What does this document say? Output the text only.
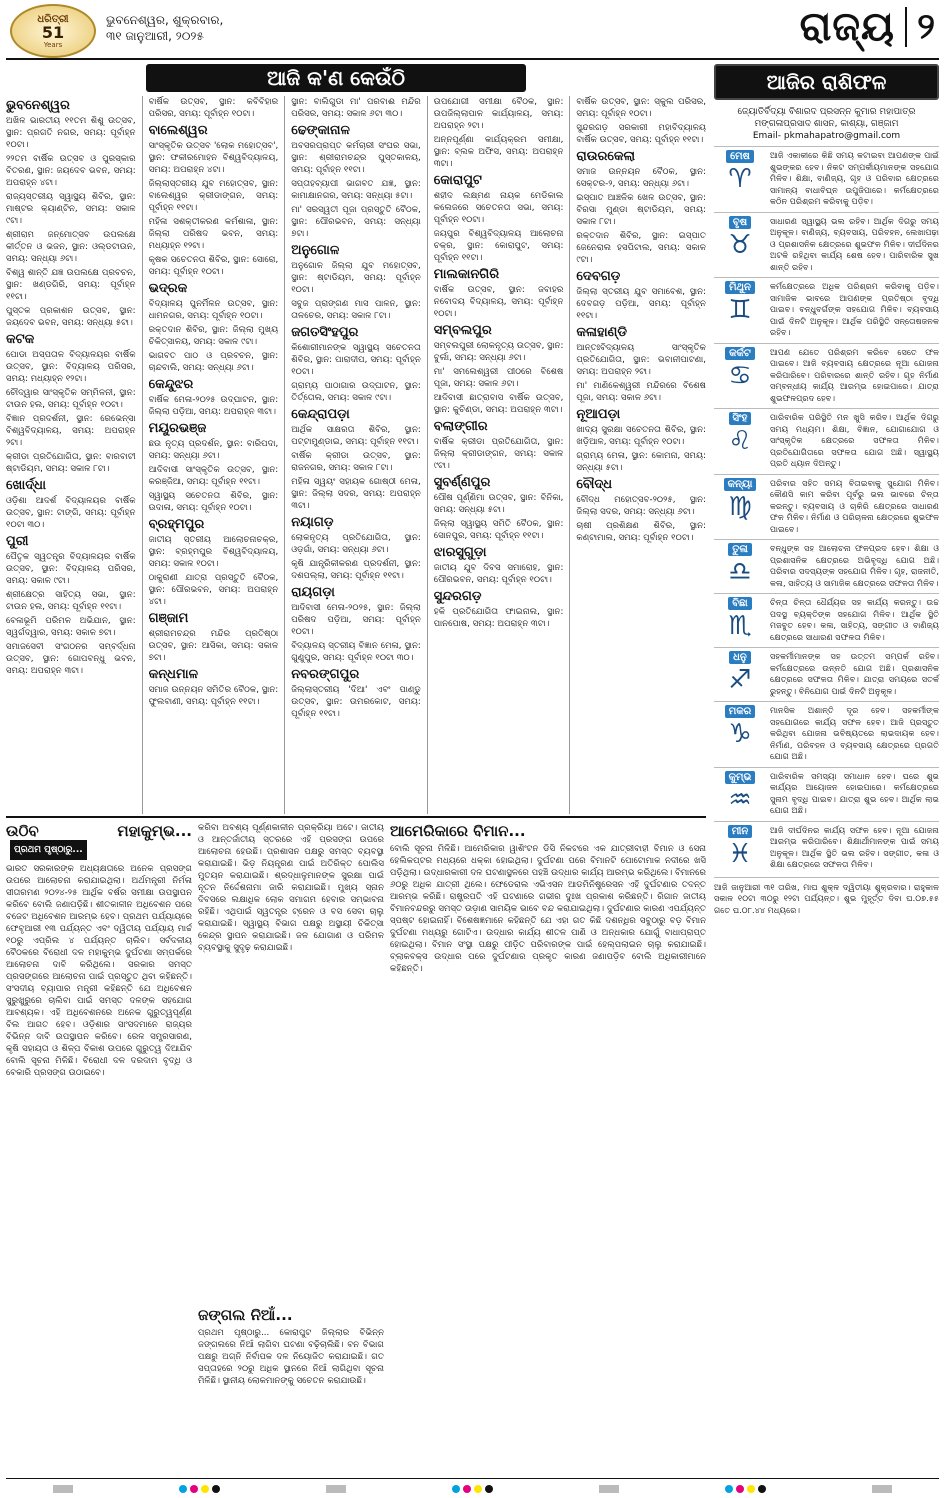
ଧରିତ୍ରୀ
51
Years
ଭୁବନେଶ୍ୱର, ଶୁକ୍ରବାର,
୩୧ ଜାନୁଆରୀ, ୨୦୨୫	ରାଜ୍ୟ ୨
ଆଜି କ'ଣ କେଉଁଠି
ଭୁବନେଶ୍ୱର

ଅଖିଳ ଭାରତୀୟ ୧୧ତମ ଶିଶୁ ଉତ୍ସବ, ସ୍ଥାନ: ପ୍ରଗତି ନଗର, ସମୟ: ପୂର୍ବାହ୍ନ ୧୦ଟା।

୨୨ତମ ବାର୍ଷିକ ଉତ୍ସବ ଓ ପୁରସ୍କାର ବିତରଣ, ସ୍ଥାନ: ଜୟଦେବ ଭବନ, ସମୟ: ଅପରାହ୍ନ ୪ଟା।

ରାଜ୍ୟସ୍ତରୀୟ ସ୍ୱାସ୍ଥ୍ୟ ଶିବିର, ସ୍ଥାନ: ମାଷ୍ଟର କ୍ୟାଣ୍ଟିନ, ସମୟ: ସକାଳ ୯ଟା।

ଶ୍ରୀରାମ ଜନ୍ମୋତ୍ସବ ଉପଲକ୍ଷେ କୀର୍ତ୍ତନ ଓ ଭଜନ, ସ୍ଥାନ: ଓଲ୍ଡଟାଉନ, ସମୟ: ସନ୍ଧ୍ୟା ୬ଟା।

ବିଶ୍ୱ ଶାନ୍ତି ଯଜ୍ଞ ଉପଲକ୍ଷେ ପ୍ରବଚନ, ସ୍ଥାନ: ଖଣ୍ଡଗିରି, ସମୟ: ପୂର୍ବାହ୍ନ ୧୧ଟା।

ପୁସ୍ତକ ପ୍ରକାଶନ ଉତ୍ସବ, ସ୍ଥାନ: ଜୟଦେବ ଭବନ, ସମୟ: ସନ୍ଧ୍ୟା ୫ଟା।

କଟକ

ପୋଡା ଅସ୍ପତାଳ ବିଦ୍ୟାଳୟର ବାର୍ଷିକ ଉତ୍ସବ, ସ୍ଥାନ: ବିଦ୍ୟାଳୟ ପରିସର, ସମୟ: ମଧ୍ୟାହ୍ନ ୧୨ଟା।

ଚୌଦ୍ୱାର ସାଂସ୍କୃତିକ ସମ୍ମିଳନୀ, ସ୍ଥାନ: ଟାଉନ ହଲ, ସମୟ: ପୂର୍ବାହ୍ନ ୧୦ଟା।

ବିଜ୍ଞାନ ପ୍ରଦର୍ଶନୀ, ସ୍ଥାନ: ରେଭେନ୍ସା ବିଶ୍ୱବିଦ୍ୟାଳୟ, ସମୟ: ଅପରାହ୍ନ ୨ଟା।

କ୍ରୀଡା ପ୍ରତିଯୋଗିତା, ସ୍ଥାନ: ବାରବାଟୀ ଷ୍ଟାଡିୟମ, ସମୟ: ସକାଳ ୮ଟା।

ଖୋର୍ଦ୍ଧା

ଓଡ଼ିଶା ଆଦର୍ଶ ବିଦ୍ୟାଳୟର ବାର୍ଷିକ ଉତ୍ସବ, ସ୍ଥାନ: ଟାଙ୍ଗି, ସମୟ: ପୂର୍ବାହ୍ନ ୧୦ଟା ୩୦।

ପୁରୀ

ପୈତୃକ ସ୍ୱତନ୍ତ୍ର ବିଦ୍ୟାଳୟର ବାର୍ଷିକ ଉତ୍ସବ, ସ୍ଥାନ: ବିଦ୍ୟାଳୟ ପରିସର, ସମୟ: ସକାଳ ୯ଟା।

ଶ୍ରୀକ୍ଷେତ୍ର ସାହିତ୍ୟ ସଭା, ସ୍ଥାନ: ଟାଉନ ହଲ, ସମୟ: ପୂର୍ବାହ୍ନ ୧୧ଟା।

ବେଳାଭୂମି ପରିମଳ ଅଭିଯାନ, ସ୍ଥାନ: ସ୍ୱର୍ଗଦ୍ୱାର, ସମୟ: ସକାଳ ୭ଟା।

ସମାଜସେବୀ ସଂଗଠନର ସମ୍ବର୍ଦ୍ଧନା ଉତ୍ସବ, ସ୍ଥାନ: ଗୋପବନ୍ଧୁ ଭବନ, ସମୟ: ଅପରାହ୍ନ ୩ଟା।

ବାର୍ଷିକ ଉତ୍ସବ, ସ୍ଥାନ: କବିବିହାର ପରିସର, ସମୟ: ପୂର୍ବାହ୍ନ ୧୦ଟା।

ବାଲେଶ୍ୱର

ସାଂସ୍କୃତିକ ଉତ୍ସବ 'ଲୋକ ମହୋତ୍ସବ', ସ୍ଥାନ: ଫକୀରମୋହନ ବିଶ୍ୱବିଦ୍ୟାଳୟ, ସମୟ: ଅପରାହ୍ନ ୪ଟା।

ଜିଲ୍ଲାସ୍ତରୀୟ ଯୁବ ମହୋତ୍ସବ, ସ୍ଥାନ: ବାଲେଶ୍ୱର କ୍ରୀଡାଙ୍ଗନ, ସମୟ: ପୂର୍ବାହ୍ନ ୧୧ଟା।

ମହିଳା ସଶକ୍ତୀକରଣ କର୍ମଶାଳା, ସ୍ଥାନ: ଜିଲ୍ଲା ପରିଷଦ ଭବନ, ସମୟ: ମଧ୍ୟାହ୍ନ ୧୨ଟା।

କୃଷକ ସଚେତନତା ଶିବିର, ସ୍ଥାନ: ସୋରୋ, ସମୟ: ପୂର୍ବାହ୍ନ ୧୦ଟା।

ଭଦ୍ରକ

ବିଦ୍ୟାଳୟ ପୁନର୍ମିଳନ ଉତ୍ସବ, ସ୍ଥାନ: ଧାମନଗର, ସମୟ: ପୂର୍ବାହ୍ନ ୧୦ଟା।

ରକ୍ତଦାନ ଶିବିର, ସ୍ଥାନ: ଜିଲ୍ଲା ମୁଖ୍ୟ ଚିକିତ୍ସାଳୟ, ସମୟ: ସକାଳ ୯ଟା।

ଭାଗବତ ପାଠ ଓ ପ୍ରବଚନ, ସ୍ଥାନ: ଚାନ୍ଦବାଲି, ସମୟ: ସନ୍ଧ୍ୟା ୬ଟା।

କେନ୍ଦୁଝର

ବାର୍ଷିକ ମେଳା-୨୦୨୫ ଉଦ୍‌ଘାଟନ, ସ୍ଥାନ: ଜିଲ୍ଲା ପଡ଼ିଆ, ସମୟ: ଅପରାହ୍ନ ୩ଟା।

ମୟୂରଭଞ୍ଜ

ଛଉ ନୃତ୍ୟ ପ୍ରଦର୍ଶନ, ସ୍ଥାନ: ବାରିପଦା, ସମୟ: ସନ୍ଧ୍ୟା ୬ଟା।

ଆଦିବାସୀ ସାଂସ୍କୃତିକ ଉତ୍ସବ, ସ୍ଥାନ: କରଞ୍ଜିଆ, ସମୟ: ପୂର୍ବାହ୍ନ ୧୧ଟା।

ସ୍ୱାସ୍ଥ୍ୟ ସଚେତନତା ଶିବିର, ସ୍ଥାନ: ଉଦାଳା, ସମୟ: ପୂର୍ବାହ୍ନ ୧୦ଟା।

ବ୍ରହ୍ମପୁର

ଜାତୀୟ ସ୍ତରୀୟ ଆଲୋଚନାଚକ୍ର, ସ୍ଥାନ: ବ୍ରହ୍ମପୁର ବିଶ୍ୱବିଦ୍ୟାଳୟ, ସମୟ: ସକାଳ ୧୦ଟା।

ଠାକୁରାଣୀ ଯାତ୍ରା ପ୍ରସ୍ତୁତି ବୈଠକ, ସ୍ଥାନ: ପୌରଭବନ, ସମୟ: ଅପରାହ୍ନ ୪ଟା।

ଗଞ୍ଜାମ

ଶ୍ରୀରାମଚନ୍ଦ୍ର ମନ୍ଦିର ପ୍ରତିଷ୍ଠା ଉତ୍ସବ, ସ୍ଥାନ: ଆସିକା, ସମୟ: ସକାଳ ୭ଟା।

କନ୍ଧମାଳ

ସମାଜ ଉନ୍ନୟନ ସମିତିର ବୈଠକ, ସ୍ଥାନ: ଫୁଲବାଣୀ, ସମୟ: ପୂର୍ବାହ୍ନ ୧୧ଟା।

ସ୍ଥାନ: ବାଲିଗୁଡା ମା' ପରବାଈ ମନ୍ଦିର ପରିସର, ସମୟ: ସକାଳ ୬ଟା ୩୦।

ଢେଙ୍କାନାଳ

ଅବସରପ୍ରାପ୍ତ କର୍ମଚାରୀ ସଂଘର ସଭା, ସ୍ଥାନ: ଶ୍ରୀରାମଚନ୍ଦ୍ର ପୁସ୍ତକାଳୟ, ସମୟ: ପୂର୍ବାହ୍ନ ୧୧ଟା।

ସପ୍ତାହବ୍ୟାପୀ ଭାଗବତ ଯଜ୍ଞ, ସ୍ଥାନ: କାମାକ୍ଷାନଗର, ସମୟ: ସନ୍ଧ୍ୟା ୫ଟା।

ମା' ସରସ୍ୱତୀ ପୂଜା ପ୍ରସ୍ତୁତି ବୈଠକ, ସ୍ଥାନ: ପୌରଭବନ, ସମୟ: ସନ୍ଧ୍ୟା ୭ଟା।

ଅନୁଗୋଳ

ଅନୁଗୋଳ ଜିଲ୍ଲା ଯୁବ ମହୋତ୍ସବ, ସ୍ଥାନ: ଷ୍ଟାଡିୟମ, ସମୟ: ପୂର୍ବାହ୍ନ ୧୦ଟା।

ସବୁଜ ପ୍ରାଙ୍ଗଣ ମାସ ପାଳନ, ସ୍ଥାନ: ତାଳଚେର, ସମୟ: ସକାଳ ୮ଟା।

ଜଗତସିଂହପୁର

କିଶୋରୀମାନଙ୍କ ସ୍ୱାସ୍ଥ୍ୟ ସଚେତନତା ଶିବିର, ସ୍ଥାନ: ପାରାଦୀପ, ସମୟ: ପୂର୍ବାହ୍ନ ୧୦ଟା।

ଗ୍ରାମ୍ୟ ପାଠାଗାର ଉଦ୍‌ଘାଟନ, ସ୍ଥାନ: ତିର୍ତ୍ତୋଲ, ସମୟ: ସକାଳ ୯ଟା।

କେନ୍ଦ୍ରାପଡ଼ା

ଆର୍ଥିକ ସାକ୍ଷରତା ଶିବିର, ସ୍ଥାନ: ପଟ୍ଟାମୁଣ୍ଡାଇ, ସମୟ: ପୂର୍ବାହ୍ନ ୧୧ଟା।

ବାର୍ଷିକ କ୍ରୀଡା ଉତ୍ସବ, ସ୍ଥାନ: ରାଜନଗର, ସମୟ: ସକାଳ ୮ଟା।

ମହିଳା ସ୍ୱୟଂ ସହାୟକ ଗୋଷ୍ଠୀ ମେଳା, ସ୍ଥାନ: ଜିଲ୍ଲା ସଦର, ସମୟ: ଅପରାହ୍ନ ୩ଟା।

ନୟାଗଡ଼

ଲୋକନୃତ୍ୟ ପ୍ରତିଯୋଗିତା, ସ୍ଥାନ: ଓଡ଼ଗାଁ, ସମୟ: ସନ୍ଧ୍ୟା ୬ଟା।

କୃଷି ଯାନ୍ତ୍ରିକୀକରଣ ପ୍ରଦର୍ଶନୀ, ସ୍ଥାନ: ଦଶପଲ୍ଲା, ସମୟ: ପୂର୍ବାହ୍ନ ୧୧ଟା।

ରାୟଗଡ଼ା

ଆଦିବାସୀ ମେଳା-୨୦୨୫, ସ୍ଥାନ: ଜିଲ୍ଲା ପରିଷଦ ପଡ଼ିଆ, ସମୟ: ପୂର୍ବାହ୍ନ ୧୦ଟା।

ବିଦ୍ୟାଳୟ ସ୍ତରୀୟ ବିଜ୍ଞାନ ମେଳା, ସ୍ଥାନ: ଗୁଣୁପୁର, ସମୟ: ପୂର୍ବାହ୍ନ ୧୦ଟା ୩୦।

ନବରଙ୍ଗପୁର

ଜିଲ୍ଲାସ୍ତରୀୟ 'ଦିଆ' ଏବଂ ପାଣ୍ଡୁ ଉତ୍ସବ, ସ୍ଥାନ: ଉମରକୋଟ, ସମୟ: ପୂର୍ବାହ୍ନ ୧୧ଟା।

ଉପଯୋଗୀ ସମୀକ୍ଷା ବୈଠକ, ସ୍ଥାନ: ଉପଜିଲ୍ଲାପାଳ କାର୍ଯ୍ୟାଳୟ, ସମୟ: ଅପରାହ୍ନ ୨ଟା।

ଅନ୍ନପୂର୍ଣ୍ଣା କାର୍ଯ୍ୟକ୍ରମ ସମୀକ୍ଷା, ସ୍ଥାନ: ବ୍ଲକ ଅଫିସ, ସମୟ: ଅପରାହ୍ନ ୩ଟା।

କୋରାପୁଟ

ଶହୀଦ ଲକ୍ଷ୍ମଣ ନାୟକ ମେଡିକାଲ କଲେଜରେ ସଚେତନତା ସଭା, ସମୟ: ପୂର୍ବାହ୍ନ ୧୦ଟା।

ଜୟପୁର ବିଶ୍ୱବିଦ୍ୟାଳୟ ଆଲୋଚନା ଚକ୍ର, ସ୍ଥାନ: କୋରାପୁଟ, ସମୟ: ପୂର୍ବାହ୍ନ ୧୧ଟା।

ମାଲକାନଗିରି

ବାର୍ଷିକ ଉତ୍ସବ, ସ୍ଥାନ: ଜବାହର ନବୋଦୟ ବିଦ୍ୟାଳୟ, ସମୟ: ପୂର୍ବାହ୍ନ ୧୦ଟା।

ସମ୍ବଲପୁର

ସମ୍ବଲପୁରୀ ଲୋକନୃତ୍ୟ ଉତ୍ସବ, ସ୍ଥାନ: ବୁର୍ଲା, ସମୟ: ସନ୍ଧ୍ୟା ୬ଟା।

ମା' ସମଲେଶ୍ୱରୀ ପୀଠରେ ବିଶେଷ ପୂଜା, ସମୟ: ସକାଳ ୬ଟା।

ଆଦିବାସୀ ଛାତ୍ରାବାସ ବାର୍ଷିକ ଉତ୍ସବ, ସ୍ଥାନ: କୁଚିଣ୍ଡା, ସମୟ: ଅପରାହ୍ନ ୩ଟା।

ବଲାଙ୍ଗୀର

ବାର୍ଷିକ କ୍ରୀଡା ପ୍ରତିଯୋଗିତା, ସ୍ଥାନ: ଜିଲ୍ଲା କ୍ରୀଡାଙ୍ଗନ, ସମୟ: ସକାଳ ୯ଟା।

ସୁବର୍ଣ୍ଣପୁର

ପୌଷ ପୂର୍ଣ୍ଣିମା ଉତ୍ସବ, ସ୍ଥାନ: ବିନିକା, ସମୟ: ସନ୍ଧ୍ୟା ୫ଟା।

ଜିଲ୍ଲା ସ୍ୱାସ୍ଥ୍ୟ ସମିତି ବୈଠକ, ସ୍ଥାନ: ସୋନପୁର, ସମୟ: ପୂର୍ବାହ୍ନ ୧୧ଟା।

ଝାରସୁଗୁଡ଼ା

ଜାତୀୟ ଯୁବ ଦିବସ ସମାରୋହ, ସ୍ଥାନ: ପୌରଭବନ, ସମୟ: ପୂର୍ବାହ୍ନ ୧୦ଟା।

ସୁନ୍ଦରଗଡ଼

ହକି ପ୍ରତିଯୋଗିତା ଫାଇନାଲ, ସ୍ଥାନ: ପାନପୋଷ, ସମୟ: ଅପରାହ୍ନ ୩ଟା।

ବାର୍ଷିକ ଉତ୍ସବ, ସ୍ଥାନ: ସ୍କୁଲ ପରିସର, ସମୟ: ପୂର୍ବାହ୍ନ ୧୦ଟା।

ସୁନ୍ଦରଗଡ଼ ସରକାରୀ ମହାବିଦ୍ୟାଳୟ ବାର୍ଷିକ ଉତ୍ସବ, ସମୟ: ପୂର୍ବାହ୍ନ ୧୧ଟା।

ରାଉରକେଲା

ସମାଜ ଉନ୍ନୟନ ବୈଠକ, ସ୍ଥାନ: ସେକ୍ଟର-୨, ସମୟ: ସନ୍ଧ୍ୟା ୬ଟା।

ଇସ୍ପାତ ଆଞ୍ଚଳିକ ଖେଳ ଉତ୍ସବ, ସ୍ଥାନ: ବିରସା ମୁଣ୍ଡା ଷ୍ଟାଡିୟମ, ସମୟ: ସକାଳ ୮ଟା।

ରକ୍ତଦାନ ଶିବିର, ସ୍ଥାନ: ଇସ୍ପାତ ଜେନେରାଲ ହସପିଟାଲ, ସମୟ: ସକାଳ ୯ଟା।

ଦେବଗଡ଼

ଜିଲ୍ଲା ସ୍ତରୀୟ ଯୁବ ସମାବେଶ, ସ୍ଥାନ: ଦେବଗଡ଼ ପଡ଼ିଆ, ସମୟ: ପୂର୍ବାହ୍ନ ୧୧ଟା।

କଳାହାଣ୍ଡି

ଆନ୍ତଃବିଦ୍ୟାଳୟ ସାଂସ୍କୃତିକ ପ୍ରତିଯୋଗିତା, ସ୍ଥାନ: ଭବାନୀପାଟଣା, ସମୟ: ଅପରାହ୍ନ ୨ଟା।

ମା' ମାଣିକେଶ୍ୱରୀ ମନ୍ଦିରରେ ବିଶେଷ ପୂଜା, ସମୟ: ସକାଳ ୬ଟା।

ନୂଆପଡ଼ା

ଖାଦ୍ୟ ସୁରକ୍ଷା ସଚେତନତା ଶିବିର, ସ୍ଥାନ: ଖଡ଼ିଆଳ, ସମୟ: ପୂର୍ବାହ୍ନ ୧୦ଟା।

ଗ୍ରାମ୍ୟ ମେଳା, ସ୍ଥାନ: କୋମନା, ସମୟ: ସନ୍ଧ୍ୟା ୫ଟା।

ବୌଦ୍ଧ

ବୌଦ୍ଧ ମହୋତ୍ସବ-୨୦୨୫, ସ୍ଥାନ: ଜିଲ୍ଲା ସଦର, ସମୟ: ସନ୍ଧ୍ୟା ୬ଟା।

ଚାଷୀ ପ୍ରଶିକ୍ଷଣ ଶିବିର, ସ୍ଥାନ: କଣ୍ଟାମାଲ, ସମୟ: ପୂର୍ବାହ୍ନ ୧୦ଟା।

ଉଠିବ ମହାକୁମ୍ଭ...ପ୍ରଥମ ପୃଷ୍ଠାରୁ...
ଭାରତ ସରକାରଙ୍କ ଅଧ୍ୟକ୍ଷତାରେ ଅନେକ ପ୍ରସଙ୍ଗ ଉପରେ ଆଲୋଚନା କରାଯାଇଥିଲା। ଅର୍ଥମନ୍ତ୍ରୀ ନିର୍ମଳା ସୀତାରମଣ ୨୦୨୪-୨୫ ଆର୍ଥିକ ବର୍ଷର ସମୀକ୍ଷା ଉପସ୍ଥାପନ କରିବେ ବୋଲି ଜଣାପଡ଼ିଛି। ଶୀତକାଳୀନ ଅଧିବେଶନ ପରେ ବଜେଟ ଅଧିବେଶନ ଆରମ୍ଭ ହେବ। ପ୍ରଥମ ପର୍ଯ୍ୟାୟରେ ଫେବୃଆରୀ ୧୩ ପର୍ଯ୍ୟନ୍ତ ଏବଂ ଦ୍ୱିତୀୟ ପର୍ଯ୍ୟାୟ ମାର୍ଚ୍ଚ ୧୦ରୁ ଏପ୍ରିଲ ୪ ପର୍ଯ୍ୟନ୍ତ ଚାଲିବ। ସର୍ବଦଳୀୟ ବୈଠକରେ ବିରୋଧୀ ଦଳ ମହାକୁମ୍ଭ ଦୁର୍ଘଟଣା ସମ୍ପର୍କରେ ଆଲୋଚନା ଦାବି କରିଥିଲେ। ସରକାର ସମସ୍ତ ପ୍ରସଙ୍ଗରେ ଆଲୋଚନା ପାଇଁ ପ୍ରସ୍ତୁତ ଥିବା କହିଛନ୍ତି। ସଂସଦୀୟ ବ୍ୟାପାର ମନ୍ତ୍ରୀ କହିଛନ୍ତି ଯେ ଅଧିବେଶନ ସୁରୁଖୁରୁରେ ଚାଲିବା ପାଇଁ ସମସ୍ତ ଦଳଙ୍କ ସହଯୋଗ ଆବଶ୍ୟକ। ଏହି ଅଧିବେଶନରେ ଅନେକ ଗୁରୁତ୍ୱପୂର୍ଣ୍ଣ ବିଲ ଆଗତ ହେବ। ଓଡ଼ିଶାର ସାଂସଦମାନେ ରାଜ୍ୟର ବିଭିନ୍ନ ଦାବି ଉପସ୍ଥାପନ କରିବେ। ରେଳ ସମ୍ପ୍ରସାରଣ, କୃଷି ସହାୟତା ଓ ଶିଳ୍ପ ବିକାଶ ଉପରେ ଗୁରୁତ୍ୱ ଦିଆଯିବ ବୋଲି ସୂଚନା ମିଳିଛି। ବିରୋଧୀ ଦଳ ଦରଦାମ ବୃଦ୍ଧି ଓ ବେକାରି ପ୍ରସଙ୍ଗ ଉଠାଇବେ।
କରିବା ଅବଶ୍ୟ ପୂର୍ଣ୍ଣକାଳୀନ ପ୍ରକ୍ରିୟା ଅଟେ। ଜାତୀୟ ଓ ଆନ୍ତର୍ଜାତୀୟ ସ୍ତରରେ ଏହି ପ୍ରସଙ୍ଗ ଉପରେ ଆଲୋଚନା ହେଉଛି। ପ୍ରଶାସନ ପକ୍ଷରୁ ସମସ୍ତ ବ୍ୟବସ୍ଥା କରାଯାଇଛି। ଭିଡ଼ ନିୟନ୍ତ୍ରଣ ପାଇଁ ଅତିରିକ୍ତ ପୋଲିସ ମୁତୟନ କରାଯାଇଛି। ଶ୍ରଦ୍ଧାଳୁମାନଙ୍କ ସୁରକ୍ଷା ପାଇଁ ନୂତନ ନିର୍ଦ୍ଦେଶନାମା ଜାରି କରାଯାଇଛି। ମୁଖ୍ୟ ସ୍ନାନ ଦିବସରେ ଲକ୍ଷାଧିକ ଲୋକ ସମାଗମ ହେବାର ସମ୍ଭାବନା ରହିଛି। ଏଥିପାଇଁ ସ୍ୱତନ୍ତ୍ର ଟ୍ରେନ ଓ ବସ ସେବା ଚାଲୁ କରାଯାଇଛି। ସ୍ୱାସ୍ଥ୍ୟ ବିଭାଗ ପକ୍ଷରୁ ଅସ୍ଥାୟୀ ଚିକିତ୍ସା କେନ୍ଦ୍ର ସ୍ଥାପନ କରାଯାଇଛି। ଜଳ ଯୋଗାଣ ଓ ପରିମଳ ବ୍ୟବସ୍ଥାକୁ ସୁଦୃଢ଼ କରାଯାଇଛି।
ଜଙ୍ଗଲ ନିଆଁ...
ପ୍ରଥମ ପୃଷ୍ଠାରୁ... କୋରାପୁଟ ଜିଲ୍ଲାର ବିଭିନ୍ନ ଜଙ୍ଗଲରେ ନିଆଁ ଲାଗିବା ଘଟଣା ବଢ଼ିଚାଲିଛି। ବନ ବିଭାଗ ପକ୍ଷରୁ ଅଗ୍ନି ନିର୍ବାପକ ଦଳ ନିୟୋଜିତ କରାଯାଇଛି। ଗତ ସପ୍ତାହରେ ୨୦ରୁ ଅଧିକ ସ୍ଥାନରେ ନିଆଁ ଲାଗିଥିବା ସୂଚନା ମିଳିଛି। ସ୍ଥାନୀୟ ଲୋକମାନଙ୍କୁ ସଚେତନ କରାଯାଉଛି।
ଆମେରିକାରେ ବିମାନ...
ବୋଲି ସୂଚନା ମିଳିଛି। ଆମେରିକାର ୱାଶିଂଟନ ଡିସି ନିକଟରେ ଏକ ଯାତ୍ରୀବାହୀ ବିମାନ ଓ ସେନା ହେଲିକପ୍ଟର ମଧ୍ୟରେ ଧକ୍କା ହୋଇଥିଲା। ଦୁର୍ଘଟଣା ପରେ ବିମାନଟି ପୋଟୋମାକ ନଦୀରେ ଖସି ପଡ଼ିଥିଲା। ଉଦ୍ଧାରକାରୀ ଦଳ ଘଟଣାସ୍ଥଳରେ ପହଞ୍ଚି ଉଦ୍ଧାର କାର୍ଯ୍ୟ ଆରମ୍ଭ କରିଥିଲେ। ବିମାନରେ ୬୦ରୁ ଅଧିକ ଯାତ୍ରୀ ଥିଲେ। ଫେଡେରାଲ ଏଭିଏସନ ଆଡମିନିଷ୍ଟ୍ରେସନ ଏହି ଦୁର୍ଘଟଣାର ତଦନ୍ତ ଆରମ୍ଭ କରିଛି। ରାଷ୍ଟ୍ରପତି ଏହି ଘଟଣାରେ ଗଭୀର ଦୁଃଖ ପ୍ରକାଶ କରିଛନ୍ତି। ରିଗାନ ଜାତୀୟ ବିମାନବନ୍ଦରରୁ ସମସ୍ତ ଉଡ଼ାଣ ସାମୟିକ ଭାବେ ବନ୍ଦ କରାଯାଇଥିଲା। ଦୁର୍ଘଟଣାର କାରଣ ଏପର୍ଯ୍ୟନ୍ତ ସ୍ପଷ୍ଟ ହୋଇନାହିଁ। ବିଶେଷଜ୍ଞମାନେ କହିଛନ୍ତି ଯେ ଏହା ଗତ କିଛି ଦଶନ୍ଧିର ସବୁଠାରୁ ବଡ଼ ବିମାନ ଦୁର୍ଘଟଣା ମଧ୍ୟରୁ ଗୋଟିଏ। ଉଦ୍ଧାର କାର୍ଯ୍ୟ ଶୀତଳ ପାଣି ଓ ଅନ୍ଧକାର ଯୋଗୁଁ ବାଧାପ୍ରାପ୍ତ ହୋଇଥିଲା। ବିମାନ ସଂସ୍ଥା ପକ୍ଷରୁ ପୀଡ଼ିତ ପରିବାରଙ୍କ ପାଇଁ ହେଲ୍ପଲାଇନ ଚାଲୁ କରାଯାଇଛି। ବ୍ଲାକବକ୍ସ ଉଦ୍ଧାର ପରେ ଦୁର୍ଘଟଣାର ପ୍ରକୃତ କାରଣ ଜଣାପଡ଼ିବ ବୋଲି ଅଧିକାରୀମାନେ କହିଛନ୍ତି।
ଆଜିର ରାଶିଫଳ
ଜ୍ୟୋତିର୍ବିଦ୍ୟା ବିଶାରଦ ପ୍ରସନ୍ନ କୁମାର ମହାପାତ୍ର
ମଙ୍ଗଳାପ୍ରସାଦ ଶାସନ, କାଶ୍ୟା, ଗଞ୍ଜାମ
Email- pkmahapatro@gmail.com
ମେଷ
♈
ଆଜି ଏକାକୀରେ କିଛି ସମୟ କଟାଇବା ଆପଣଙ୍କ ପାଇଁ ଶୁଭଙ୍କର ହେବ। ନିକଟ ସମ୍ପର୍କୀୟମାନଙ୍କ ସହଯୋଗ ମିଳିବ। ଶିକ୍ଷା, ବାଣିଜ୍ୟ, ଗୃହ ଓ ପରିବାର କ୍ଷେତ୍ରରେ ସାମାନ୍ୟ ବାଧାବିଘ୍ନ ଉପୁଜିପାରେ। କର୍ମକ୍ଷେତ୍ରରେ କଠିନ ପରିଶ୍ରମ କରିବାକୁ ପଡ଼ିବ।
ବୃଷ
♉
ସାଧାରଣ ସ୍ୱାସ୍ଥ୍ୟ ଭଲ ରହିବ। ଆର୍ଥିକ ଦିଗରୁ ସମୟ ଅନୁକୂଳ। ବାଣିଜ୍ୟ, ବ୍ୟବସାୟ, ପରିବହନ, ଲେଖାପଢ଼ା ଓ ପ୍ରଶାସନିକ କ୍ଷେତ୍ରରେ ଶୁଭଫଳ ମିଳିବ। ଦୀର୍ଘଦିନର ଅଟକି ରହିଥିବା କାର୍ଯ୍ୟ ଶେଷ ହେବ। ପାରିବାରିକ ସୁଖ ଶାନ୍ତି ରହିବ।
ମିଥୁନ
♊
କର୍ମକ୍ଷେତ୍ରରେ ଅଧିକ ପରିଶ୍ରମ କରିବାକୁ ପଡ଼ିବ। ସାମାଜିକ ଭାବରେ ଆପଣଙ୍କ ପ୍ରତିଷ୍ଠା ବୃଦ୍ଧି ପାଇବ। ବନ୍ଧୁବର୍ଗଙ୍କ ସହଯୋଗ ମିଳିବ। ବ୍ୟବସାୟ ପାଇଁ ଦିନଟି ଅନୁକୂଳ। ଆର୍ଥିକ ପରିସ୍ଥିତି ସନ୍ତୋଷଜନକ ରହିବ।
କର୍କଟ
♋
ଆପଣ ଯେତେ ପରିଶ୍ରମ କରିବେ ସେତେ ଫଳ ପାଇବେ। ଆଜି ବ୍ୟବସାୟ କ୍ଷେତ୍ରରେ ନୂଆ ଯୋଜନା କରିପାରିବେ। ପରିବାରରେ ଶାନ୍ତି ରହିବ। ଗୃହ ନିର୍ମାଣ ସମ୍ବନ୍ଧୀୟ କାର୍ଯ୍ୟ ଆରମ୍ଭ ହୋଇପାରେ। ଯାତ୍ରା ଶୁଭଫଳପ୍ରଦ ହେବ।
ସିଂହ
♌
ପାରିବାରିକ ପରିସ୍ଥିତି ମନ ଖୁସି କରିବ। ଆର୍ଥିକ ଦିଗରୁ ସମୟ ମଧ୍ୟମ। ଶିକ୍ଷା, ବିଜ୍ଞାନ, ଯୋଗାଯୋଗ ଓ ସାଂସ୍କୃତିକ କ୍ଷେତ୍ରରେ ସଫଳତା ମିଳିବ। ପ୍ରତିଯୋଗିତାରେ ସଫଳତା ଯୋଗ ଅଛି। ସ୍ୱାସ୍ଥ୍ୟ ପ୍ରତି ଧ୍ୟାନ ଦିଅନ୍ତୁ।
କନ୍ୟା
♍
ପରିବାର ସହିତ ସମୟ ବିତାଇବାକୁ ସୁଯୋଗ ମିଳିବ। କୌଣସି କାମ କରିବା ପୂର୍ବରୁ ଭଲ ଭାବରେ ଚିନ୍ତା କରନ୍ତୁ। ବ୍ୟବସାୟ ଓ ଚାକିରି କ୍ଷେତ୍ରରେ ସାଧାରଣ ଫଳ ମିଳିବ। ନିର୍ମାଣ ଓ ପରିଚାଳନା କ୍ଷେତ୍ରରେ ଶୁଭଫଳ ପାଇବେ।
ତୁଳା
♎
ବନ୍ଧୁଙ୍କ ସହ ଆଲୋଚନା ଫଳପ୍ରଦ ହେବ। ଶିକ୍ଷା ଓ ପ୍ରଶାସନିକ କ୍ଷେତ୍ରରେ ଅଭିବୃଦ୍ଧି ଯୋଗ ଅଛି। ପରିବାର ସଦସ୍ୟଙ୍କ ସହଯୋଗ ମିଳିବ। ଗୃହ, ରାଜନୀତି, କଳା, ସାହିତ୍ୟ ଓ ସାମାଜିକ କ୍ଷେତ୍ରରେ ସଫଳତା ମିଳିବ।
ବିଛା
♏
ଚିନ୍ତା ଚିନ୍ତା ଧୈର୍ଯ୍ୟର ସହ କାର୍ଯ୍ୟ କରନ୍ତୁ। ଉଚ୍ଚ ପଦସ୍ଥ ବ୍ୟକ୍ତିଙ୍କ ସହଯୋଗ ମିଳିବ। ଆର୍ଥିକ ସ୍ଥିତି ମଜବୁତ ହେବ। କଳା, ସାହିତ୍ୟ, ସଙ୍ଗୀତ ଓ ବାଣିଜ୍ୟ କ୍ଷେତ୍ରରେ ସାଧାରଣ ସଫଳତା ମିଳିବ।
ଧନୁ
♐
ସହକର୍ମୀମାନଙ୍କ ସହ ଉତ୍ତମ ସମ୍ପର୍କ ରହିବ। କର୍ମକ୍ଷେତ୍ରରେ ଉନ୍ନତି ଯୋଗ ଅଛି। ପ୍ରଶାସନିକ କ୍ଷେତ୍ରରେ ସଫଳତା ମିଳିବ। ଯାତ୍ରା ସମୟରେ ସତର୍କ ରୁହନ୍ତୁ। ବିନିଯୋଗ ପାଇଁ ଦିନଟି ଅନୁକୂଳ।
ମକର
♑
ମାନସିକ ଅଶାନ୍ତି ଦୂର ହେବ। ସହକର୍ମୀଙ୍କ ସହଯୋଗରେ କାର୍ଯ୍ୟ ସଫଳ ହେବ। ଆଜି ପ୍ରସ୍ତୁତ କରିଥିବା ଯୋଜନା ଭବିଷ୍ୟତରେ ଲାଭଦାୟକ ହେବ। ନିର୍ମାଣ, ପରିବହନ ଓ ବ୍ୟବସାୟ କ୍ଷେତ୍ରରେ ପ୍ରଗତି ଯୋଗ ଅଛି।
କୁମ୍ଭ
♒
ପାରିବାରିକ ସମସ୍ୟା ସମାଧାନ ହେବ। ଘରେ ଶୁଭ କାର୍ଯ୍ୟର ଆୟୋଜନ ହୋଇପାରେ। କର୍ମକ୍ଷେତ୍ରରେ ସୁନାମ ବୃଦ୍ଧି ପାଇବ। ଯାତ୍ରା ଶୁଭ ହେବ। ଆର୍ଥିକ ଲାଭ ଯୋଗ ଅଛି।
ମୀନ
♓
ଆଜି ଦୀର୍ଘଦିନର କାର୍ଯ୍ୟ ସଫଳ ହେବ। ନୂଆ ଯୋଜନା ଆରମ୍ଭ କରିପାରିବେ। ଶିକ୍ଷାର୍ଥୀମାନଙ୍କ ପାଇଁ ସମୟ ଅନୁକୂଳ। ଆର୍ଥିକ ସ୍ଥିତି ଭଲ ରହିବ। ସଙ୍ଗୀତ, କଳା ଓ ଶିକ୍ଷା କ୍ଷେତ୍ରରେ ସଫଳତା ମିଳିବ।
ଆଜି ଜାନୁଆରୀ ୩୧ ତାରିଖ, ମାଘ ଶୁକ୍ଳ ଦ୍ୱିତୀୟା ଶୁକ୍ରବାର। ରାହୁକାଳ ସକାଳ ୧୦ଟା ୩୦ରୁ ୧୨ଟା ପର୍ଯ୍ୟନ୍ତ। ଶୁଭ ମୁହୂର୍ତ୍ତ ଦିବା ଘ.୦୭.୫୫ ଗତେ ଘ.୦୮.୪୪ ମଧ୍ୟରେ।
